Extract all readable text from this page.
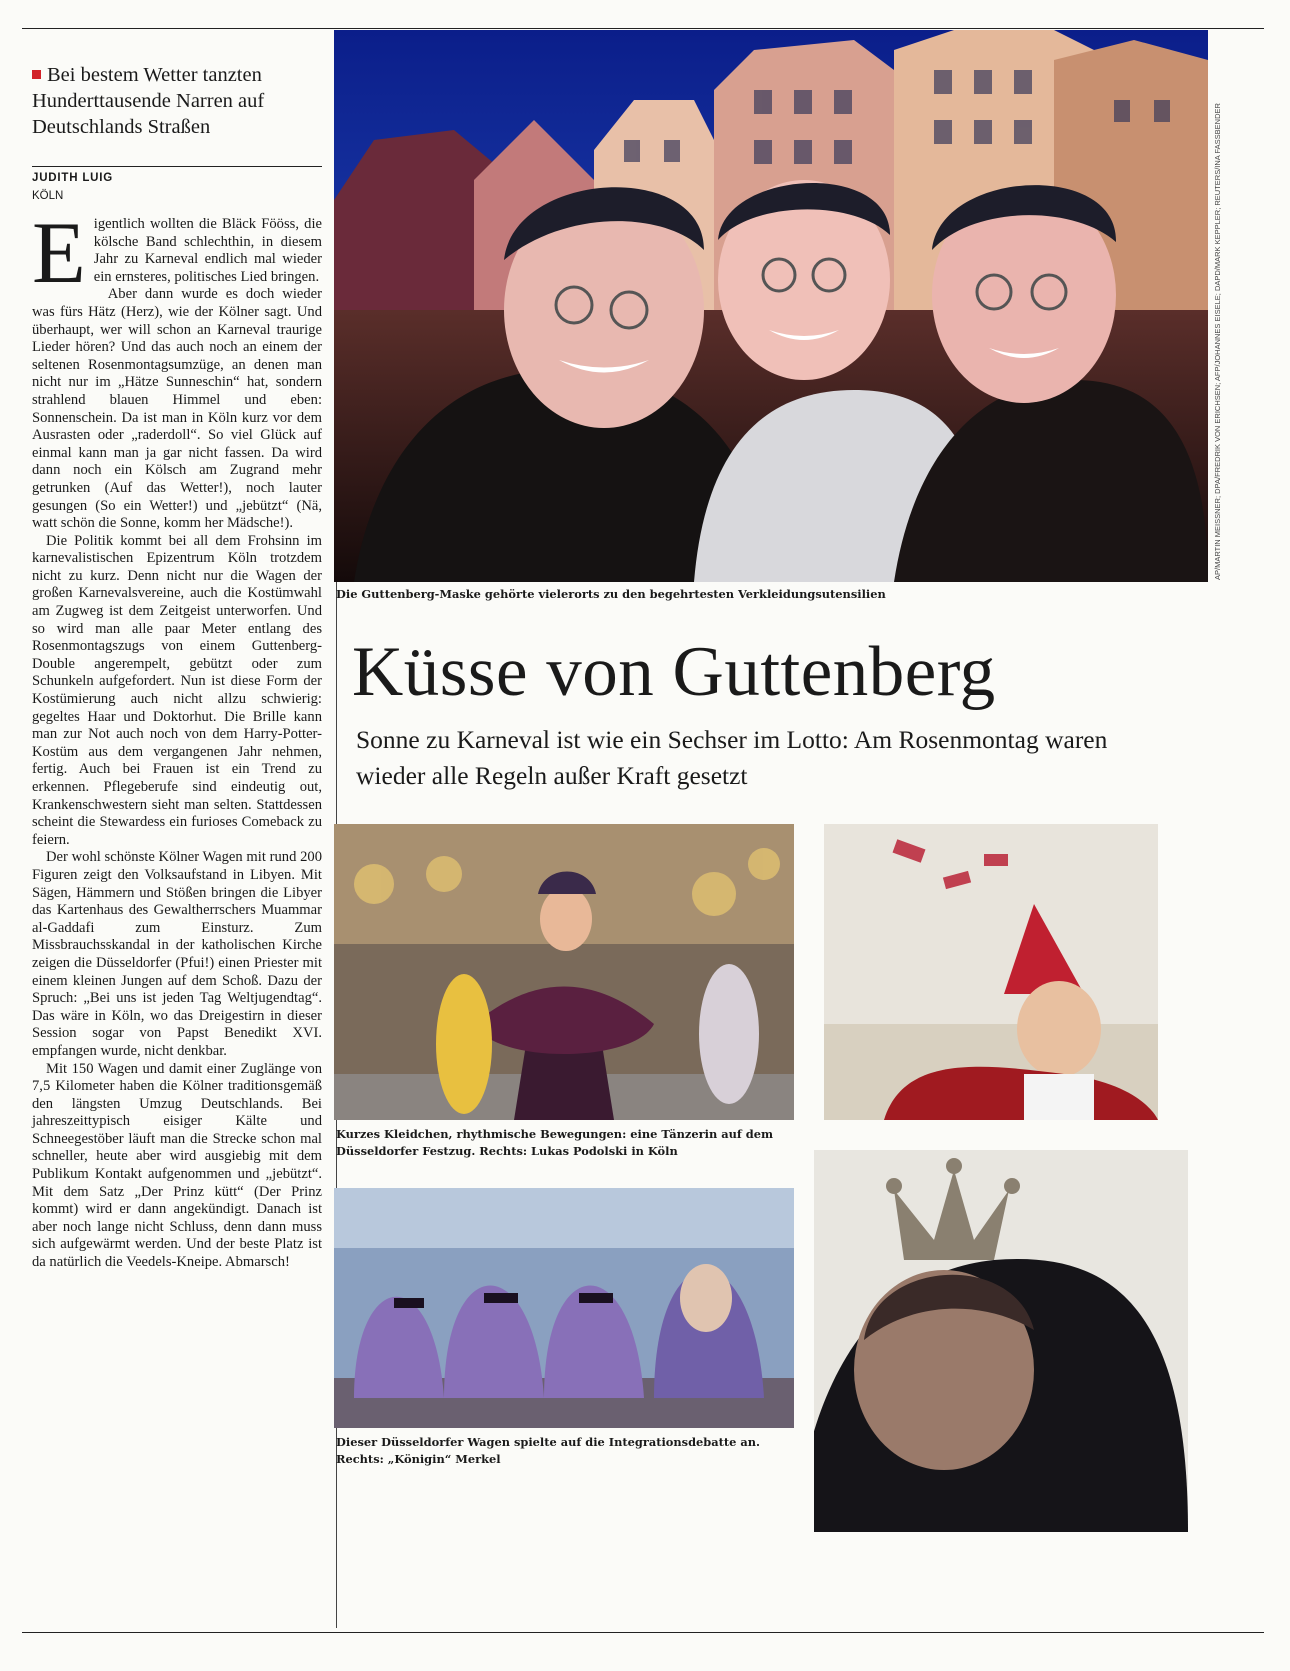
Bei bestem Wetter tanzten Hunderttausende Narren auf Deutschlands Straßen
JUDITH LUIG
KÖLN

Eigentlich wollten die Bläck Fööss, die kölsche Band schlechthin, in diesem Jahr zu Karneval endlich mal wieder ein ernsteres, politisches Lied bringen.

Aber dann wurde es doch wieder was fürs Hätz (Herz), wie der Kölner sagt. Und überhaupt, wer will schon an Karneval traurige Lieder hören? Und das auch noch an einem der seltenen Rosenmontagsumzüge, an denen man nicht nur im „Hätze Sunneschin“ hat, sondern strahlend blauen Himmel und eben: Sonnenschein. Da ist man in Köln kurz vor dem Ausrasten oder „raderdoll“. So viel Glück auf einmal kann man ja gar nicht fassen. Da wird dann noch ein Kölsch am Zugrand mehr getrunken (Auf das Wetter!), noch lauter gesungen (So ein Wetter!) und „jebützt“ (Nä, watt schön die Sonne, komm her Mädsche!).

Die Politik kommt bei all dem Frohsinn im karnevalistischen Epizentrum Köln trotzdem nicht zu kurz. Denn nicht nur die Wagen der großen Karnevalsvereine, auch die Kostümwahl am Zugweg ist dem Zeitgeist unterworfen. Und so wird man alle paar Meter entlang des Rosenmontagszugs von einem Guttenberg-Double angerempelt, gebützt oder zum Schunkeln aufgefordert. Nun ist diese Form der Kostümierung auch nicht allzu schwierig: gegeltes Haar und Doktorhut. Die Brille kann man zur Not auch noch von dem Harry-Potter-Kostüm aus dem vergangenen Jahr nehmen, fertig. Auch bei Frauen ist ein Trend zu erkennen. Pflegeberufe sind eindeutig out, Krankenschwestern sieht man selten. Stattdessen scheint die Stewardess ein furioses Comeback zu feiern.

Der wohl schönste Kölner Wagen mit rund 200 Figuren zeigt den Volksaufstand in Libyen. Mit Sägen, Hämmern und Stößen bringen die Libyer das Kartenhaus des Gewaltherrschers Muammar al-Gaddafi zum Einsturz. Zum Missbrauchsskandal in der katholischen Kirche zeigen die Düsseldorfer (Pfui!) einen Priester mit einem kleinen Jungen auf dem Schoß. Dazu der Spruch: „Bei uns ist jeden Tag Weltjugendtag“. Das wäre in Köln, wo das Dreigestirn in dieser Session sogar von Papst Benedikt XVI. empfangen wurde, nicht denkbar.

Mit 150 Wagen und damit einer Zuglänge von 7,5 Kilometer haben die Kölner traditionsgemäß den längsten Umzug Deutschlands. Bei jahreszeittypisch eisiger Kälte und Schneegestöber läuft man die Strecke schon mal schneller, heute aber wird ausgiebig mit dem Publikum Kontakt aufgenommen und „jebützt“. Mit dem Satz „Der Prinz kütt“ (Der Prinz kommt) wird er dann angekündigt. Danach ist aber noch lange nicht Schluss, denn dann muss sich aufgewärmt werden. Und der beste Platz ist da natürlich die Veedels-Kneipe. Abmarsch!

AP/MARTIN MEISSNER; DPA/FREDRIK VON ERICHSEN; AFP/JOHANNES EISELE; DAPD/MARK KEPPLER; REUTERS/INA FASSBENDER
Die Guttenberg-Maske gehörte vielerorts zu den begehrtesten Verkleidungsutensilien
Küsse von Guttenberg
Sonne zu Karneval ist wie ein Sechser im Lotto: Am Rosenmontag waren wieder alle Regeln außer Kraft gesetzt
Kurzes Kleidchen, rhythmische Bewegungen: eine Tänzerin auf dem Düsseldorfer Festzug. Rechts: Lukas Podolski in Köln
Dieser Düsseldorfer Wagen spielte auf die Integrationsdebatte an. Rechts: „Königin“ Merkel
